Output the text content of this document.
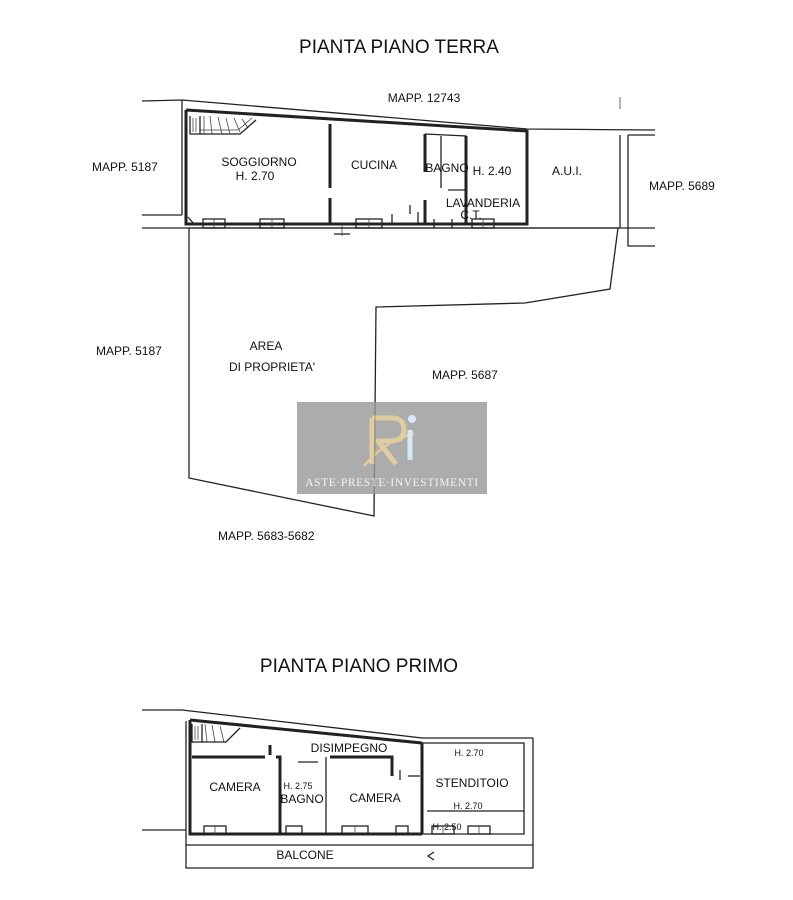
PIANTA PIANO TERRA
MAPP. 12743
MAPP. 5187
MAPP. 5689
MAPP. 5187
MAPP. 5687
MAPP. 5683-5682
SOGGIORNO
H. 2.70
CUCINA BAGNO H. 2.40
LAVANDERIA
C.T.
A.U.I.
AREA
DI PROPRIETA'
ASTE·PRESTE·INVESTIMENTI
PIANTA PIANO PRIMO
DISIMPEGNO
CAMERA	H. 2.75
BAGNO CAMERA
STENDITOIO
H. 2.70
H. 2.70
H. 2.50
BALCONE
